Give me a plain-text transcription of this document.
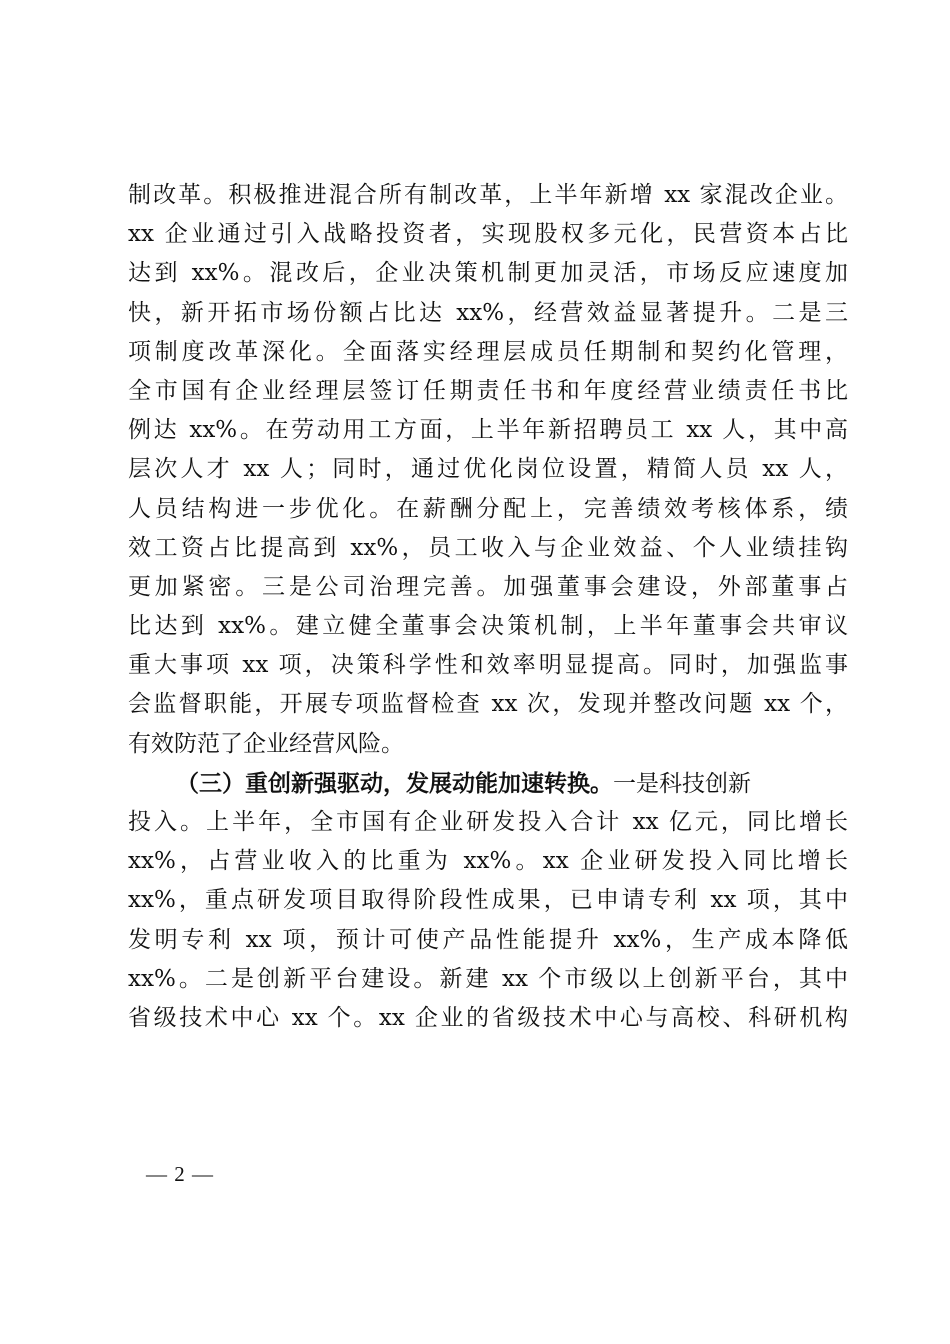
制改革。积极推进混合所有制改革，上半年新增 xx 家混改企业。
xx 企业通过引入战略投资者，实现股权多元化，民营资本占比
达到 xx%。混改后，企业决策机制更加灵活，市场反应速度加
快，新开拓市场份额占比达 xx%，经营效益显著提升。二是三
项制度改革深化。全面落实经理层成员任期制和契约化管理，
全市国有企业经理层签订任期责任书和年度经营业绩责任书比
例达 xx%。在劳动用工方面，上半年新招聘员工 xx 人，其中高
层次人才 xx 人；同时，通过优化岗位设置，精简人员 xx 人，
人员结构进一步优化。在薪酬分配上，完善绩效考核体系，绩
效工资占比提高到 xx%，员工收入与企业效益、个人业绩挂钩
更加紧密。三是公司治理完善。加强董事会建设，外部董事占
比达到 xx%。建立健全董事会决策机制，上半年董事会共审议
重大事项 xx 项，决策科学性和效率明显提高。同时，加强监事
会监督职能，开展专项监督检查 xx 次，发现并整改问题 xx 个，
有效防范了企业经营风险。
（三）重创新强驱动，发展动能加速转换。一是科技创新
投入。上半年，全市国有企业研发投入合计 xx 亿元，同比增长
xx%，占营业收入的比重为 xx%。xx 企业研发投入同比增长
xx%，重点研发项目取得阶段性成果，已申请专利 xx 项，其中
发明专利 xx 项，预计可使产品性能提升 xx%，生产成本降低
xx%。二是创新平台建设。新建 xx 个市级以上创新平台，其中
省级技术中心 xx 个。xx 企业的省级技术中心与高校、科研机构
— 2 —
